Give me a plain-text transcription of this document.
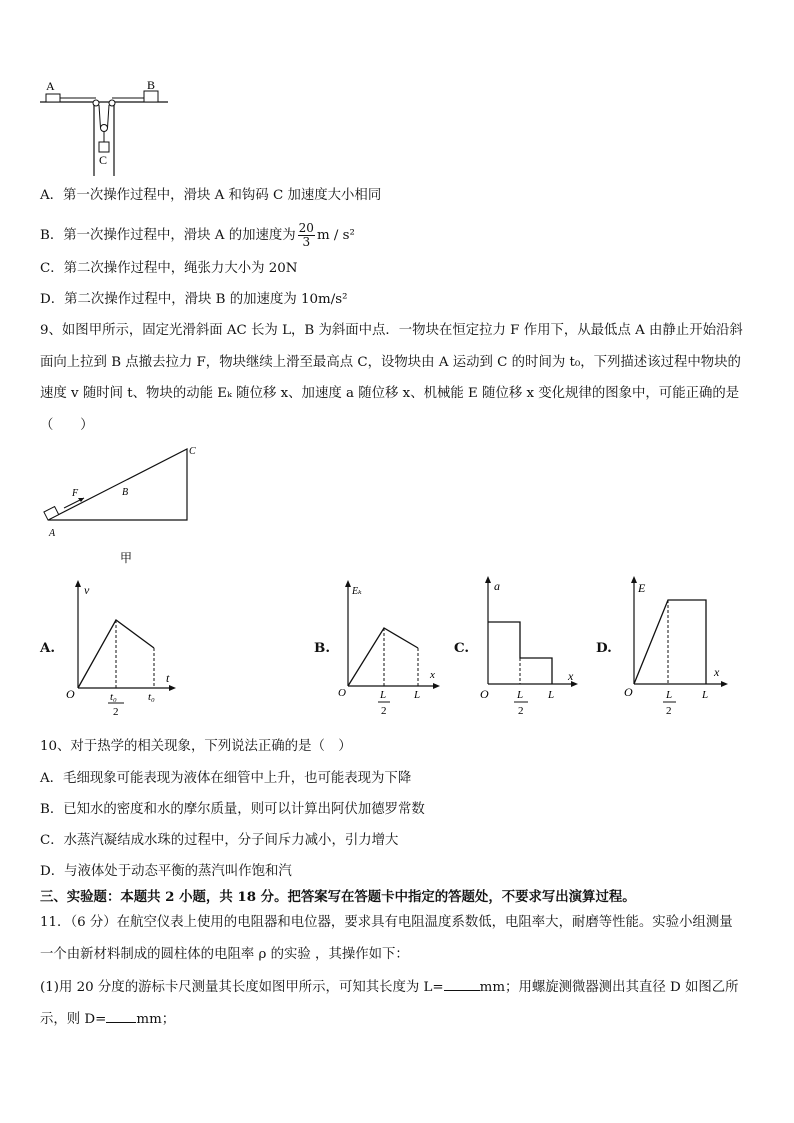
A	B
C
A．第一次操作过程中，滑块 A 和钩码 C 加速度大小相同
B．第一次操作过程中，滑块 A 的加速度为 $\frac{20}{3}$ m / s²
C．第二次操作过程中，绳张力大小为 20N
D．第二次操作过程中，滑块 B 的加速度为 10m/s²
9、如图甲所示，固定光滑斜面 AC 长为 L，B 为斜面中点．一物块在恒定拉力 F 作用下，从最低点 A 由静止开始沿斜
面向上拉到 B 点撤去拉力 F，物块继续上滑至最高点 C，设物块由 A 运动到 C 的时间为 t₀，下列描述该过程中物块的
速度 v 随时间 t、物块的动能 Eₖ 随位移 x、加速度 a 随位移 x、机械能 E 随位移 x 变化规律的图象中，可能正确的是
（　　）
F	B
C
A
甲
A.
v
t
O	t₀
2
t₀
B.
Eₖ
x
O	L
2
L
C.
a
x
O	L
2
L
D.
E
x
O	L
2
L
10、对于热学的相关现象，下列说法正确的是（　）
A．毛细现象可能表现为液体在细管中上升，也可能表现为下降
B．已知水的密度和水的摩尔质量，则可以计算出阿伏加德罗常数
C．水蒸汽凝结成水珠的过程中，分子间斥力减小，引力增大
D．与液体处于动态平衡的蒸汽叫作饱和汽
三、实验题：本题共 2 小题，共 18 分。把答案写在答题卡中指定的答题处，不要求写出演算过程。
11．（6 分）在航空仪表上使用的电阻器和电位器，要求具有电阻温度系数低，电阻率大，耐磨等性能。实验小组测量
一个由新材料制成的圆柱体的电阻率 ρ 的实验 ，其操作如下：
(1)用 20 分度的游标卡尺测量其长度如图甲所示，可知其长度为 L=	mm；用螺旋测微器测出其直径 D 如图乙所
示，则 D= mm；
